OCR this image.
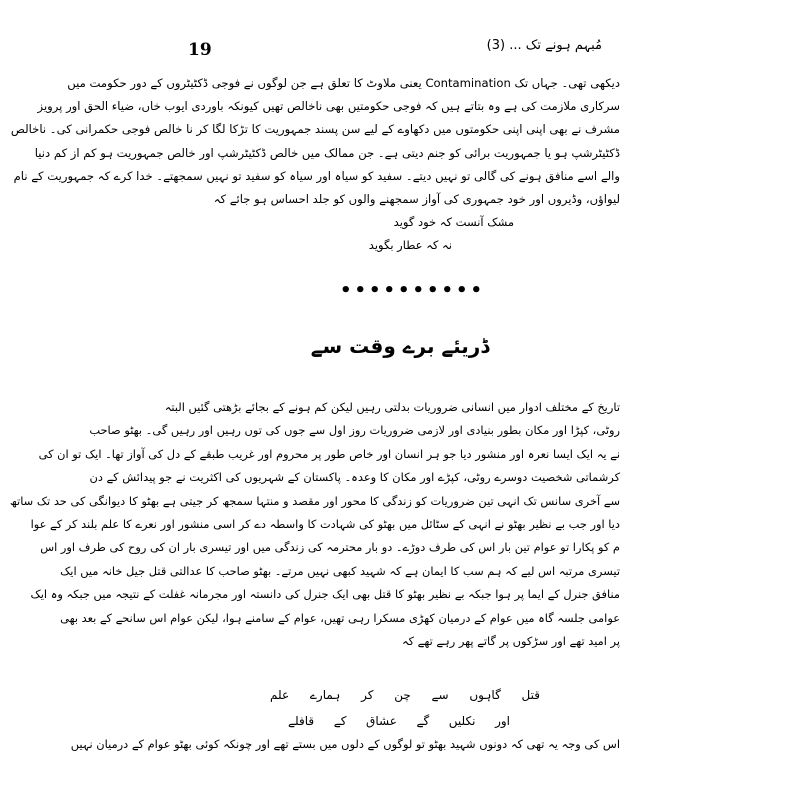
19	مُبہم ہونے تک ... (3)
دیکھی تھی۔ جہاں تک Contamination یعنی ملاوٹ کا تعلق ہے جن لوگوں نے فوجی ڈکٹیٹروں کے دور حکومت میں
سرکاری ملازمت کی ہے وہ بتاتے ہیں کہ فوجی حکومتیں بھی ناخالص تھیں کیونکہ باوردی ایوب خاں، ضیاء الحق اور پرویز
مشرف نے بھی اپنی اپنی حکومتوں میں دکھاوے کے لیے سن پسند جمہوریت کا تڑکا لگا کر نا خالص فوجی حکمرانی کی۔ ناخالص
ڈکٹیٹرشپ ہو یا جمہوریت برائی کو جنم دیتی ہے۔ جن ممالک میں خالص ڈکٹیٹرشپ اور خالص جمہوریت ہو کم از کم دنیا
والے اسے منافق ہونے کی گالی تو نہیں دیتے۔ سفید کو سیاہ اور سیاہ کو سفید تو نہیں سمجھتے۔ خدا کرے کہ جمہوریت کے نام
لیواؤں، وڈیروں اور خود جمہوری کی آواز سمجھنے والوں کو جلد احساس ہو جائے کہ
مشک آنست کہ خود گوید
نہ کہ عطار بگوید
••••••••••
ڈریئے برے وقت سے
تاریخ کے مختلف ادوار میں انسانی ضروریات بدلتی رہیں لیکن کم ہونے کے بجائے بڑھتی گئیں البتہ
روٹی، کپڑا اور مکان بطور بنیادی اور لازمی ضروریات روز اول سے جوں کی توں رہیں اور رہیں گی۔ بھٹو صاحب
نے یہ ایک ایسا نعرہ اور منشور دیا جو ہر انسان اور خاص طور پر محروم اور غریب طبقے کے دل کی آواز تھا۔ ایک تو ان کی
کرشماتی شخصیت دوسرے روٹی، کپڑے اور مکان کا وعدہ۔ پاکستان کے شہریوں کی اکثریت نے جو پیدائش کے دن
سے آخری سانس تک انہی تین ضروریات کو زندگی کا محور اور مقصد و منتہا سمجھ کر جیتی ہے بھٹو کا دیوانگی کی حد تک ساتھ
دیا اور جب بے نظیر بھٹو نے انہی کے سٹائل میں بھٹو کی شہادت کا واسطہ دے کر اسی منشور اور نعرے کا علم بلند کر کے عوا
م کو پکارا تو عوام تین بار اس کی طرف دوڑے۔ دو بار محترمہ کی زندگی میں اور تیسری بار ان کی روح کی طرف اور اس
تیسری مرتبہ اس لیے کہ ہم سب کا ایمان ہے کہ شہید کبھی نہیں مرتے۔ بھٹو صاحب کا عدالتی قتل جیل خانہ میں ایک
منافق جنرل کے ایما پر ہوا جبکہ بے نظیر بھٹو کا قتل بھی ایک جنرل کی دانستہ اور مجرمانہ غفلت کے نتیجہ میں جبکہ وہ ایک
عوامی جلسہ گاہ میں عوام کے درمیان کھڑی مسکرا رہی تھیں، عوام کے سامنے ہوا، لیکن عوام اس سانحے کے بعد بھی
پر امید تھے اور سڑکوں پر گاتے پھر رہے تھے کہ
قتل گاہوں سے چن کر ہمارے علم
اور نکلیں گے عشاق کے قافلے
اس کی وجہ یہ تھی کہ دونوں شہید بھٹو تو لوگوں کے دلوں میں بستے تھے اور چونکہ کوئی بھٹو عوام کے درمیان نہیں
